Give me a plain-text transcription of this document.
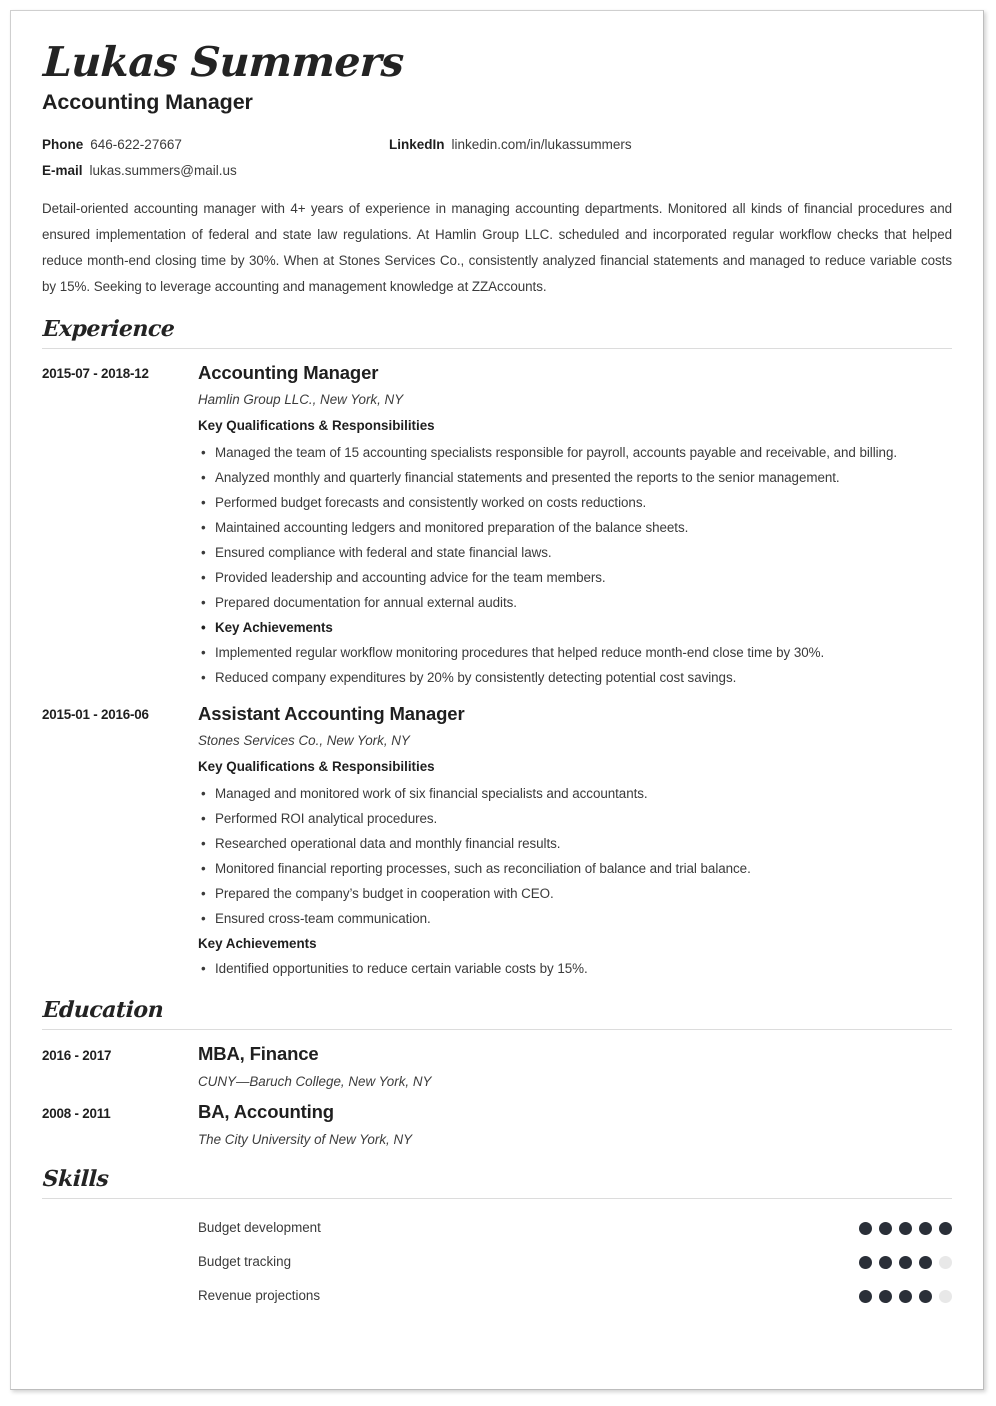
Lukas Summers
Accounting Manager
Phone 646-622-27667	LinkedIn linkedin.com/in/lukassummers
E-mail lukas.summers@mail.us

Detail-oriented accounting manager with 4+ years of experience in managing accounting departments. Monitored all kinds of financial procedures and ensured implementation of federal and state law regulations. At Hamlin Group LLC. scheduled and incorporated regular workflow checks that helped reduce month-end closing time by 30%. When at Stones Services Co., consistently analyzed financial statements and managed to reduce variable costs by 15%. Seeking to leverage accounting and management knowledge at ZZAccounts.

Experience
2015-07 - 2018-12	Accounting Manager
Hamlin Group LLC., New York, NY
Key Qualifications & Responsibilities
• Managed the team of 15 accounting specialists responsible for payroll, accounts payable and receivable, and billing.
• Analyzed monthly and quarterly financial statements and presented the reports to the senior management.
• Performed budget forecasts and consistently worked on costs reductions.
• Maintained accounting ledgers and monitored preparation of the balance sheets.
• Ensured compliance with federal and state financial laws.
• Provided leadership and accounting advice for the team members.
• Prepared documentation for annual external audits.
• Key Achievements
• Implemented regular workflow monitoring procedures that helped reduce month-end close time by 30%.
• Reduced company expenditures by 20% by consistently detecting potential cost savings.
2015-01 - 2016-06	Assistant Accounting Manager
Stones Services Co., New York, NY
Key Qualifications & Responsibilities
• Managed and monitored work of six financial specialists and accountants.
• Performed ROI analytical procedures.
• Researched operational data and monthly financial results.
• Monitored financial reporting processes, such as reconciliation of balance and trial balance.
• Prepared the company’s budget in cooperation with CEO.
• Ensured cross-team communication.
Key Achievements
• Identified opportunities to reduce certain variable costs by 15%.
Education
2016 - 2017	MBA, Finance
CUNY—Baruch College, New York, NY
2008 - 2011	BA, Accounting
The City University of New York, NY
Skills
Budget development
Budget tracking
Revenue projections
